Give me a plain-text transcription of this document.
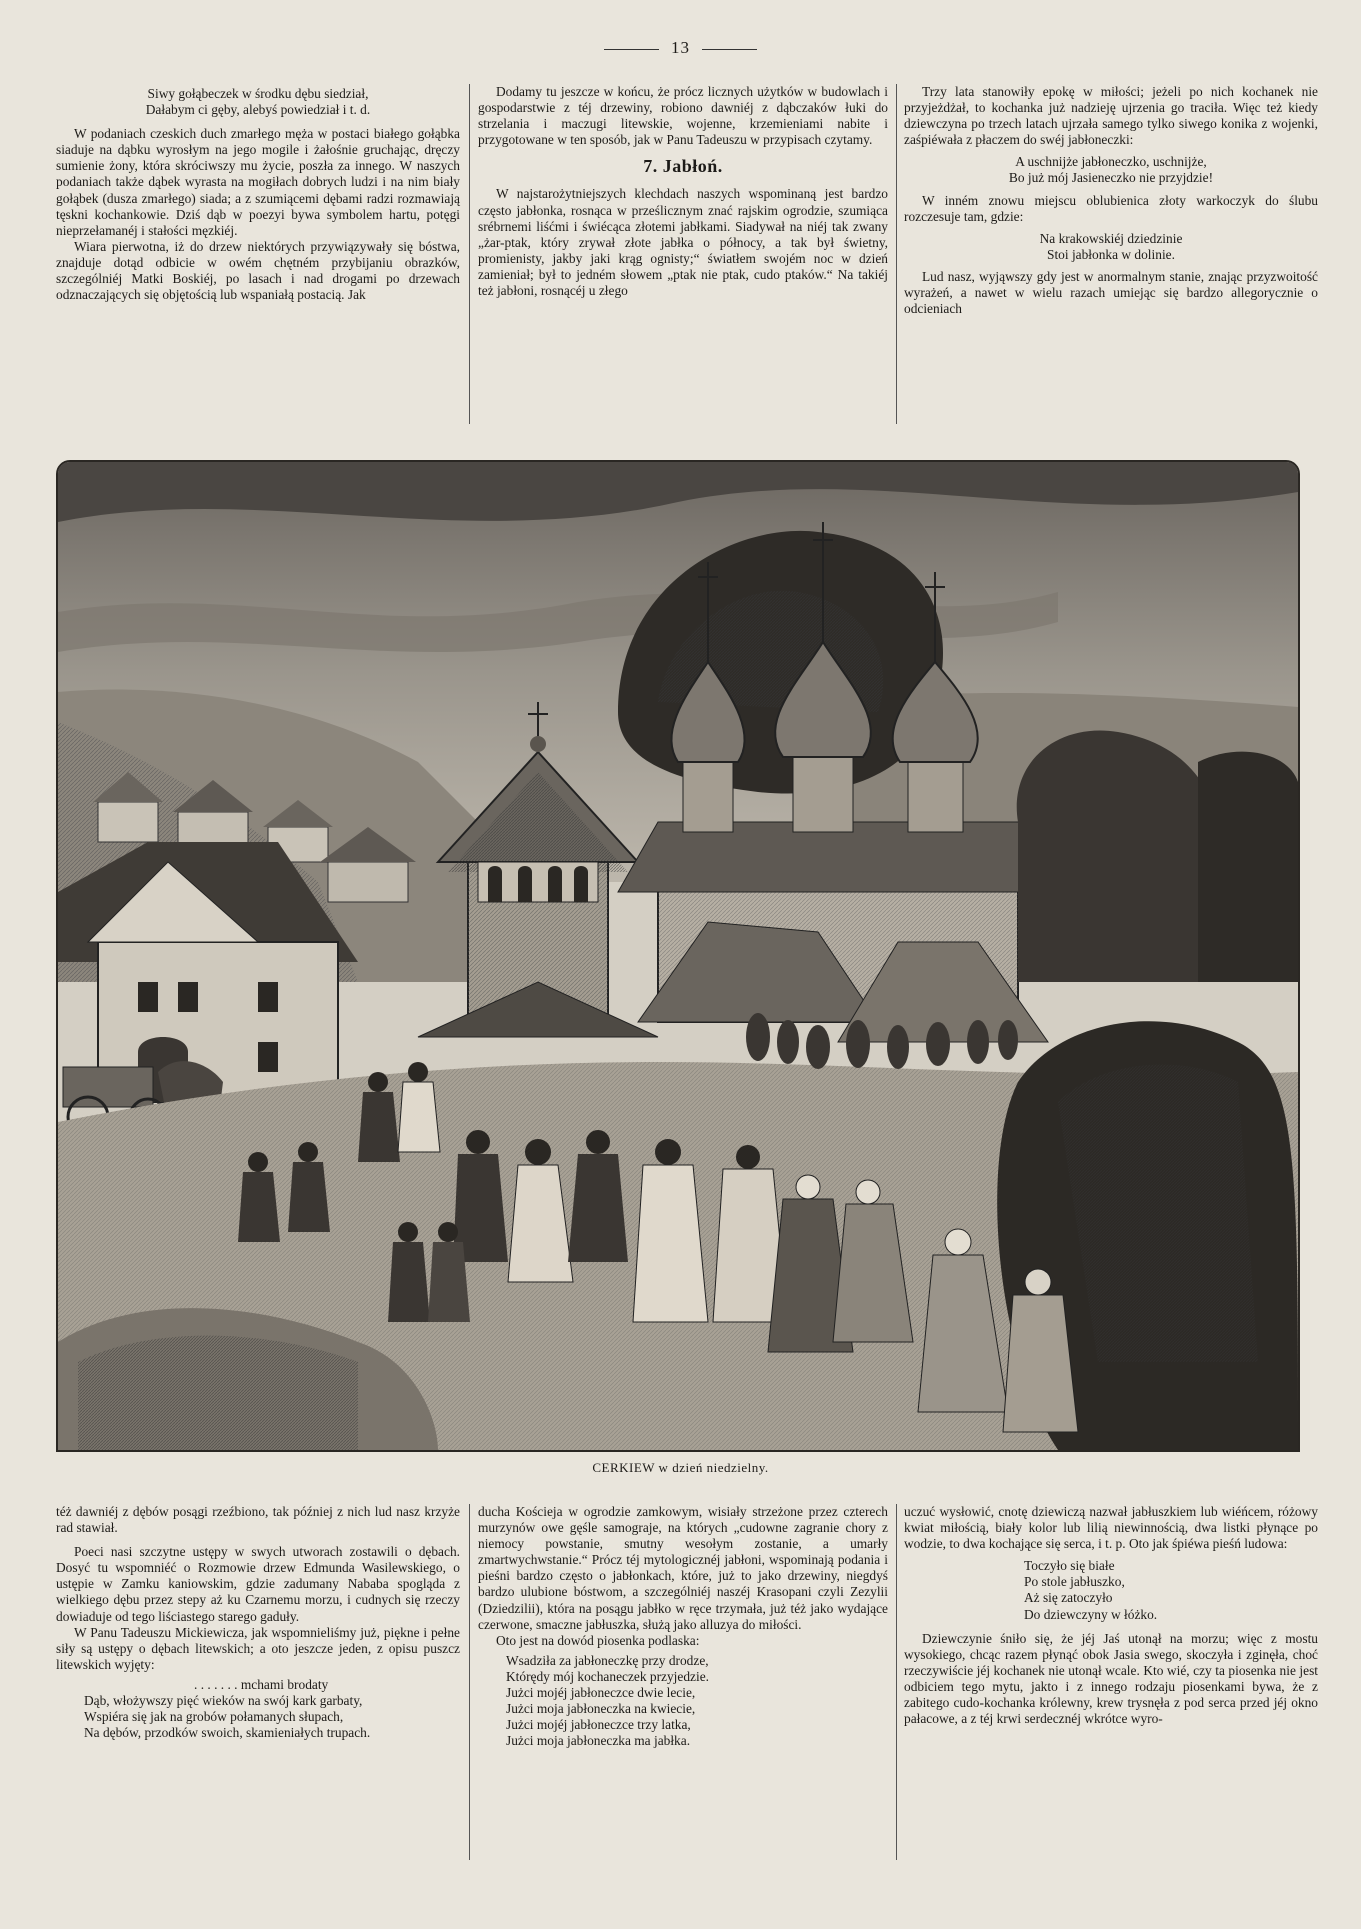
13
Siwy gołąbeczek w środku dębu siedział,
Dałabym ci gęby, alebyś powiedział i t. d.

W podaniach czeskich duch zmarłego męża w postaci białego gołąbka siaduje na dąbku wyrosłym na jego mogile i żałośnie gruchając, dręczy sumienie żony, która skróciwszy mu życie, poszła za innego. W naszych podaniach także dąbek wyrasta na mogiłach dobrych ludzi i na nim biały gołąbek (dusza zmarłego) siada; a z szumiącemi dębami radzi rozmawiają tęskni kochankowie. Dziś dąb w poezyi bywa symbolem hartu, potęgi nieprzełamanéj i stałości męzkiéj.

Wiara pierwotna, iż do drzew niektórych przywiązywały się bóstwa, znajduje dotąd odbicie w owém chętném przybijaniu obrazków, szczególniéj Matki Boskiéj, po lasach i nad drogami po drzewach odznaczających się objętością lub wspaniałą postacią. Jak

Dodamy tu jeszcze w końcu, że prócz licznych użytków w budowlach i gospodarstwie z téj drzewiny, robiono dawniéj z dąbczaków łuki do strzelania i maczugi litewskie, wojenne, krzemieniami nabite i przygotowane w ten sposób, jak w Panu Tadeuszu w przypisach czytamy.

7. Jabłoń.

W najstarożytniejszych klechdach naszych wspominaną jest bardzo często jabłonka, rosnąca w prześlicznym znać rajskim ogrodzie, szumiąca srébrnemi liśćmi i świécąca złotemi jabłkami. Siadywał na niéj tak zwany „żar-ptak, który zrywał złote jabłka o północy, a tak był świetny, promienisty, jakby jaki krąg ognisty;“ światłem swojém noc w dzień zamieniał; był to jedném słowem „ptak nie ptak, cudo ptaków.“ Na takiéj też jabłoni, rosnącéj u złego

Trzy lata stanowiły epokę w miłości; jeżeli po nich kochanek nie przyjeżdżał, to kochanka już nadzieję ujrzenia go traciła. Więc też kiedy dziewczyna po trzech latach ujrzała samego tylko siwego konika z wojenki, zaśpiéwała z płaczem do swéj jabłoneczki:

A uschnijże jabłoneczko, uschnijże,
Bo już mój Jasieneczko nie przyjdzie!

W inném znowu miejscu oblubienica złoty warkoczyk do ślubu rozczesuje tam, gdzie:

Na krakowskiéj dziedzinie
Stoi jabłonka w dolinie.

Lud nasz, wyjąwszy gdy jest w anormalnym stanie, znając przyzwoitość wyrażeń, a nawet w wielu razach umiejąc się bardzo allegorycznie o odcieniach

CERKIEW w dzień niedzielny.

téż dawniéj z dębów posągi rzeźbiono, tak później z nich lud nasz krzyże rad stawiał.

Poeci nasi szczytne ustępy w swych utworach zostawili o dębach. Dosyć tu wspomniéć o Rozmowie drzew Edmunda Wasilewskiego, o ustępie w Zamku kaniowskim, gdzie zadumany Nababa spogląda z wielkiego dębu przez stepy aż ku Czarnemu morzu, i cudnych się rzeczy dowiaduje od tego liściastego starego gaduły.

W Panu Tadeuszu Mickiewicza, jak wspomnieliśmy już, piękne i pełne siły są ustępy o dębach litewskich; a oto jeszcze jeden, z opisu puszcz litewskich wyjęty:

. . . . . . . mchami brodaty
Dąb, włożywszy pięć wieków na swój kark garbaty,
Wspiéra się jak na grobów połamanych słupach,
Na dębów, przodków swoich, skamieniałych trupach.

ducha Kościeja w ogrodzie zamkowym, wisiały strzeżone przez czterech murzynów owe gęśle samograje, na których „cudowne zagranie chory z niemocy powstanie, smutny wesołym zostanie, a umarły zmartwychwstanie.“ Prócz téj mytologicznéj jabłoni, wspominają podania i pieśni bardzo często o jabłonkach, które, już to jako drzewiny, niegdyś bardzo ulubione bóstwom, a szczególniéj naszéj Krasopani czyli Zezylii (Dziedzilii), która na posągu jabłko w ręce trzymała, już téż jako wydające czerwone, smaczne jabłuszka, służą jako alluzya do miłości.

Oto jest na dowód piosenka podlaska:

Wsadziła za jabłoneczkę przy drodze,
Którędy mój kochaneczek przyjedzie.
Jużci mojéj jabłoneczce dwie lecie,
Jużci moja jabłoneczka na kwiecie,
Jużci mojéj jabłoneczce trzy latka,
Jużci moja jabłoneczka ma jabłka.

uczuć wysłowić, cnotę dziewiczą nazwał jabłuszkiem lub wiéńcem, różowy kwiat miłością, biały kolor lub lilią niewinnością, dwa listki płynące po wodzie, to dwa kochające się serca, i t. p. Oto jak śpiéwa pieśń ludowa:

Toczyło się białe
Po stole jabłuszko,
Aż się zatoczyło
Do dziewczyny w łóżko.

Dziewczynie śniło się, że jéj Jaś utonął na morzu; więc z mostu wysokiego, chcąc razem płynąć obok Jasia swego, skoczyła i zginęła, choć rzeczywiście jéj kochanek nie utonął wcale. Kto wié, czy ta piosenka nie jest odbiciem tego mytu, jakto i z innego rodzaju piosenkami bywa, że z zabitego cudo-kochanka królewny, krew trysnęła z pod serca przed jéj okno pałacowe, a z téj krwi serdecznéj wkrótce wyro-
